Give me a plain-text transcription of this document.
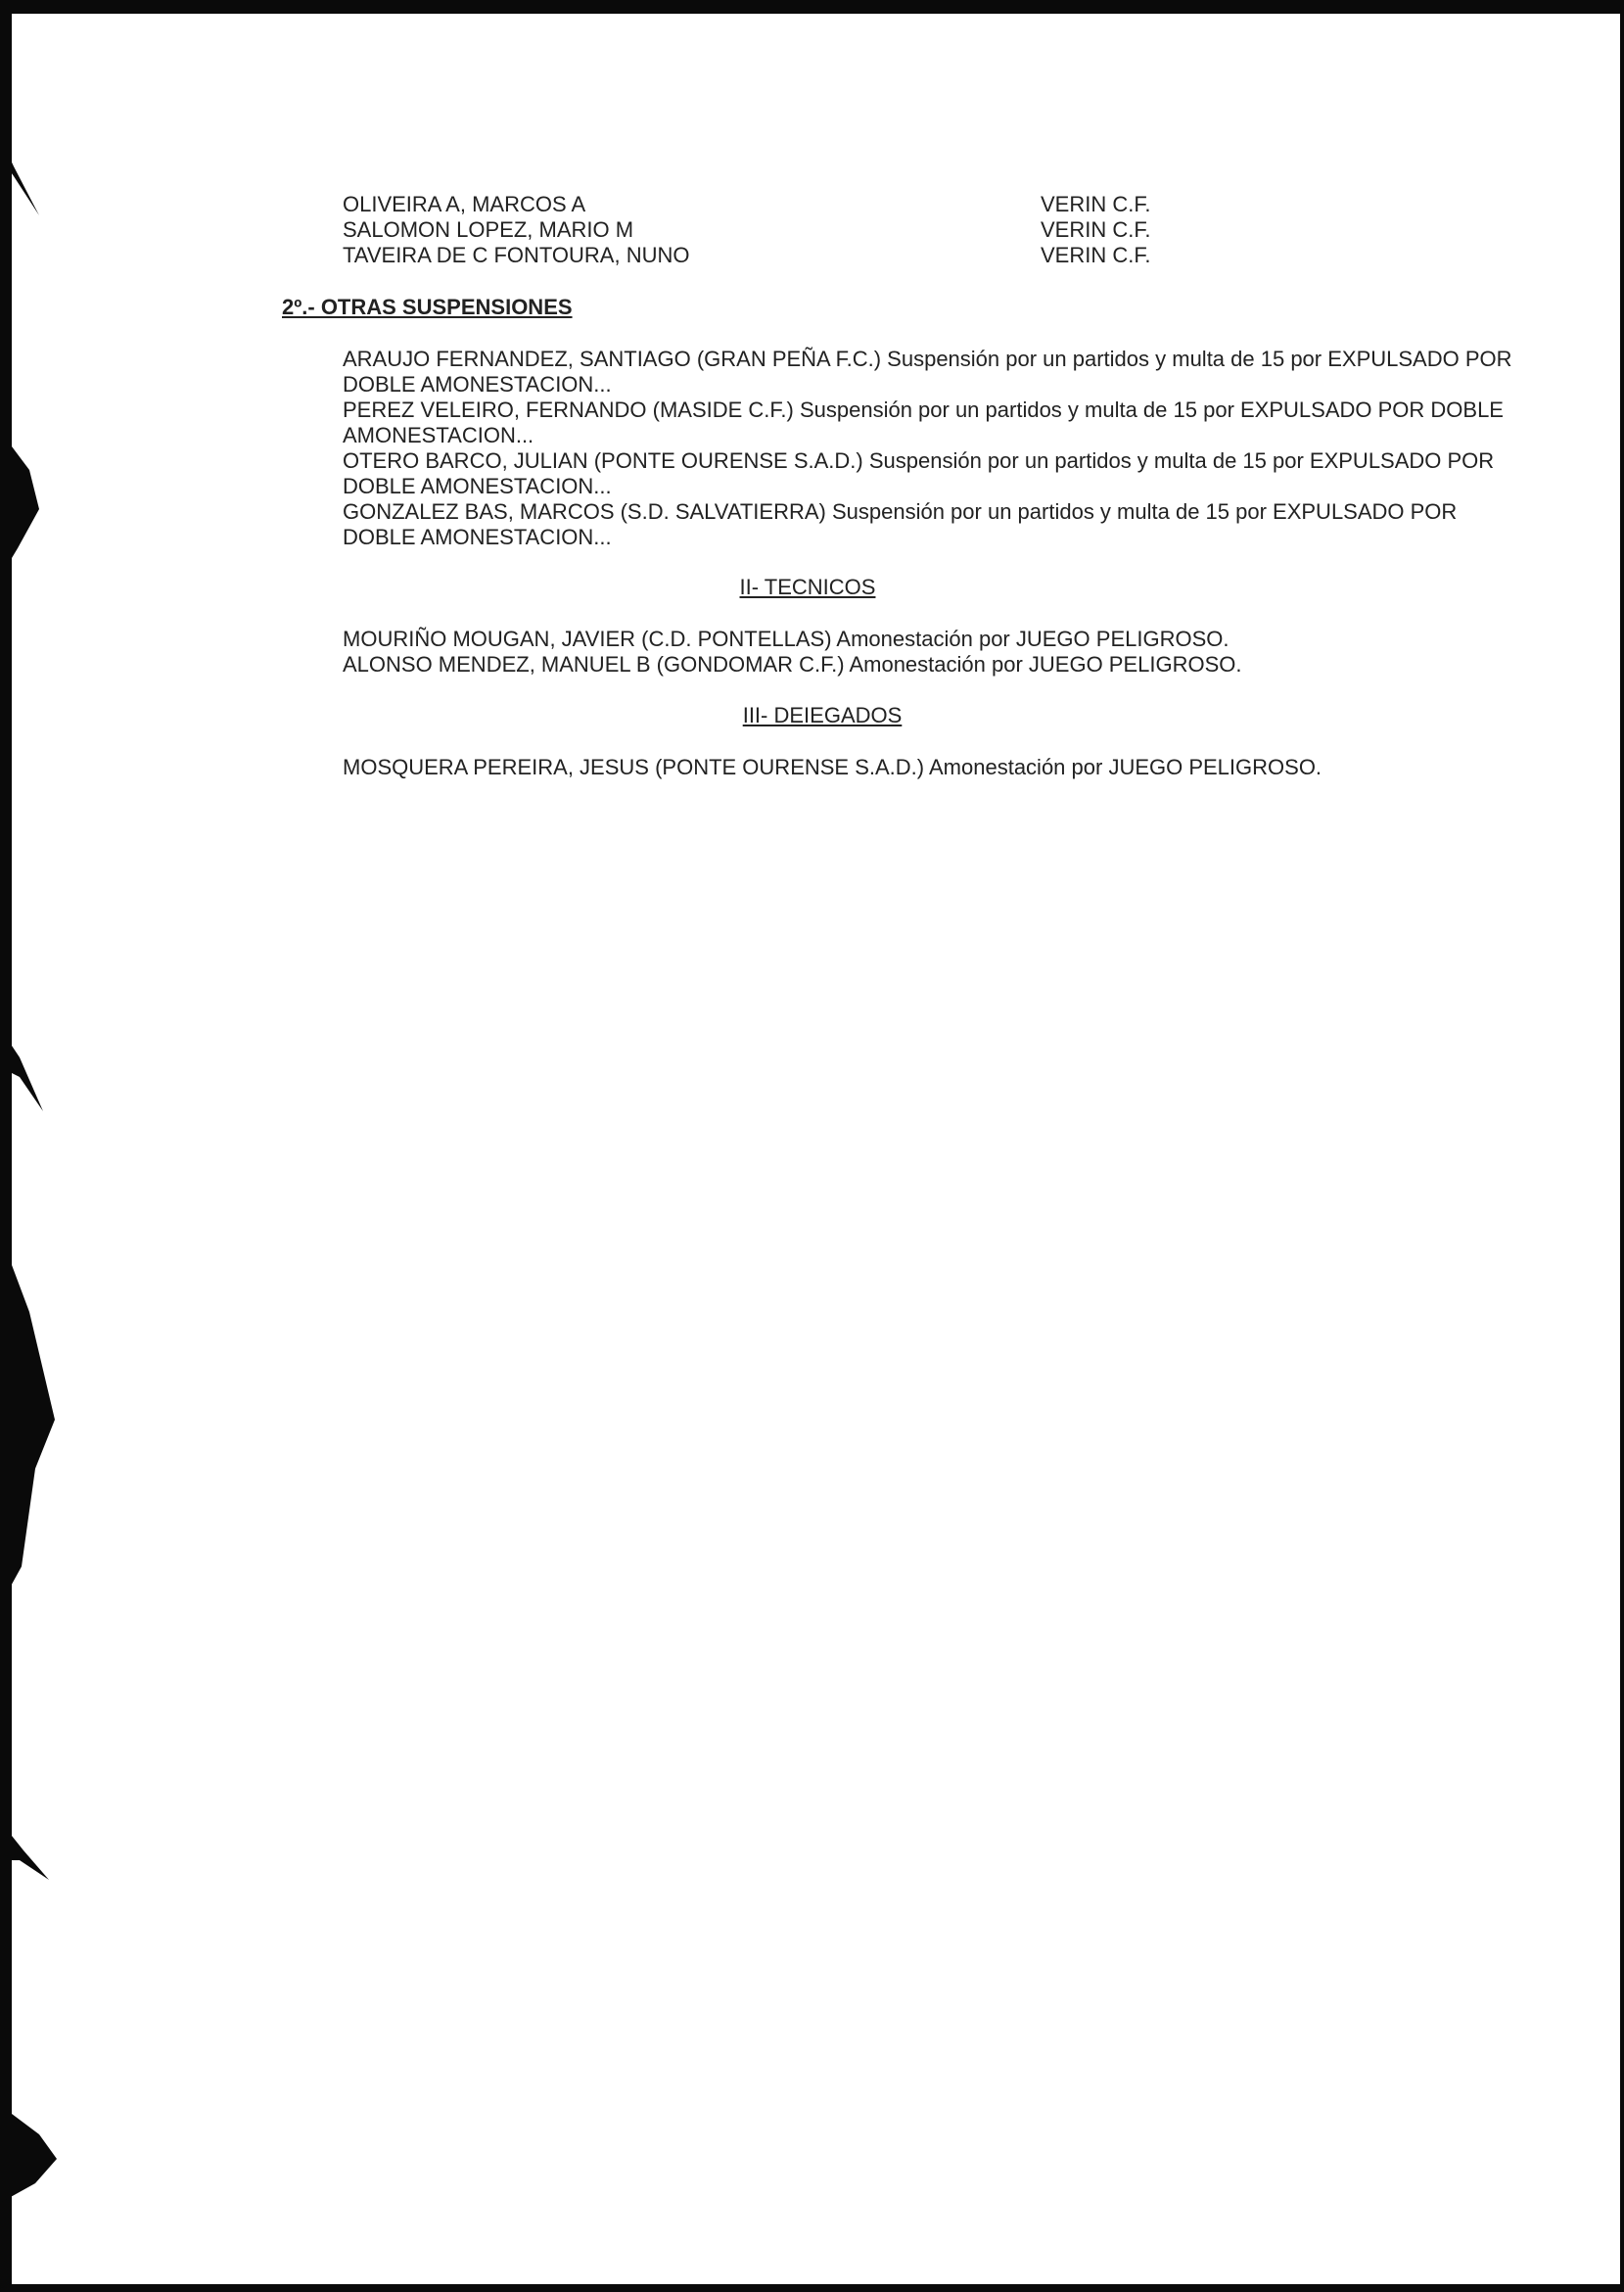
OLIVEIRA A, MARCOS A	VERIN C.F.
SALOMON LOPEZ, MARIO M	VERIN C.F.
TAVEIRA DE C FONTOURA, NUNO	VERIN C.F.
2º.- OTRAS SUSPENSIONES
ARAUJO FERNANDEZ, SANTIAGO (GRAN PEÑA F.C.) Suspensión por un partidos y multa de 15 por EXPULSADO POR DOBLE AMONESTACION...
PEREZ VELEIRO, FERNANDO (MASIDE C.F.) Suspensión por un partidos y multa de 15 por EXPULSADO POR DOBLE AMONESTACION...
OTERO BARCO, JULIAN (PONTE OURENSE S.A.D.) Suspensión por un partidos y multa de 15 por EXPULSADO POR DOBLE AMONESTACION...
GONZALEZ BAS, MARCOS (S.D. SALVATIERRA) Suspensión por un partidos y multa de 15 por EXPULSADO POR DOBLE AMONESTACION...
II- TECNICOS
MOURIÑO MOUGAN, JAVIER (C.D. PONTELLAS) Amonestación por JUEGO PELIGROSO.
ALONSO MENDEZ, MANUEL B (GONDOMAR C.F.) Amonestación por JUEGO PELIGROSO.
III- DEIEGADOS
MOSQUERA PEREIRA, JESUS (PONTE OURENSE S.A.D.) Amonestación por JUEGO PELIGROSO.
